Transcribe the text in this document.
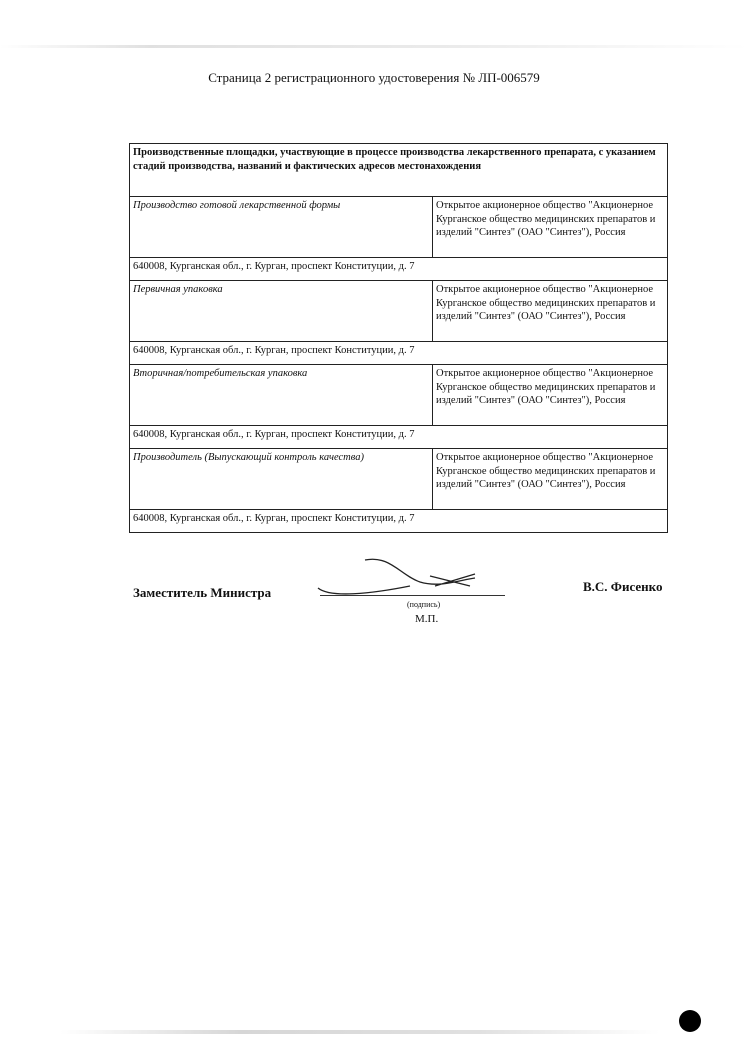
Страница 2 регистрационного удостоверения № ЛП-006579
Производственные площадки, участвующие в процессе производства лекарственного препарата, с указанием стадий производства, названий и фактических адресов местонахождения	
Производство готовой лекарственной формы	Открытое акционерное общество "Акционерное Курганское общество медицинских препаратов и изделий "Синтез" (ОАО "Синтез"), Россия
640008, Курганская обл., г. Курган, проспект Конституции, д. 7	
Первичная упаковка	Открытое акционерное общество "Акционерное Курганское общество медицинских препаратов и изделий "Синтез" (ОАО "Синтез"), Россия
640008, Курганская обл., г. Курган, проспект Конституции, д. 7	
Вторичная/потребительская упаковка	Открытое акционерное общество "Акционерное Курганское общество медицинских препаратов и изделий "Синтез" (ОАО "Синтез"), Россия
640008, Курганская обл., г. Курган, проспект Конституции, д. 7	
Производитель (Выпускающий контроль качества)	Открытое акционерное общество "Акционерное Курганское общество медицинских препаратов и изделий "Синтез" (ОАО "Синтез"), Россия
640008, Курганская обл., г. Курган, проспект Конституции, д. 7	
Заместитель Министра
(подпись)
М.П.
В.С. Фисенко
